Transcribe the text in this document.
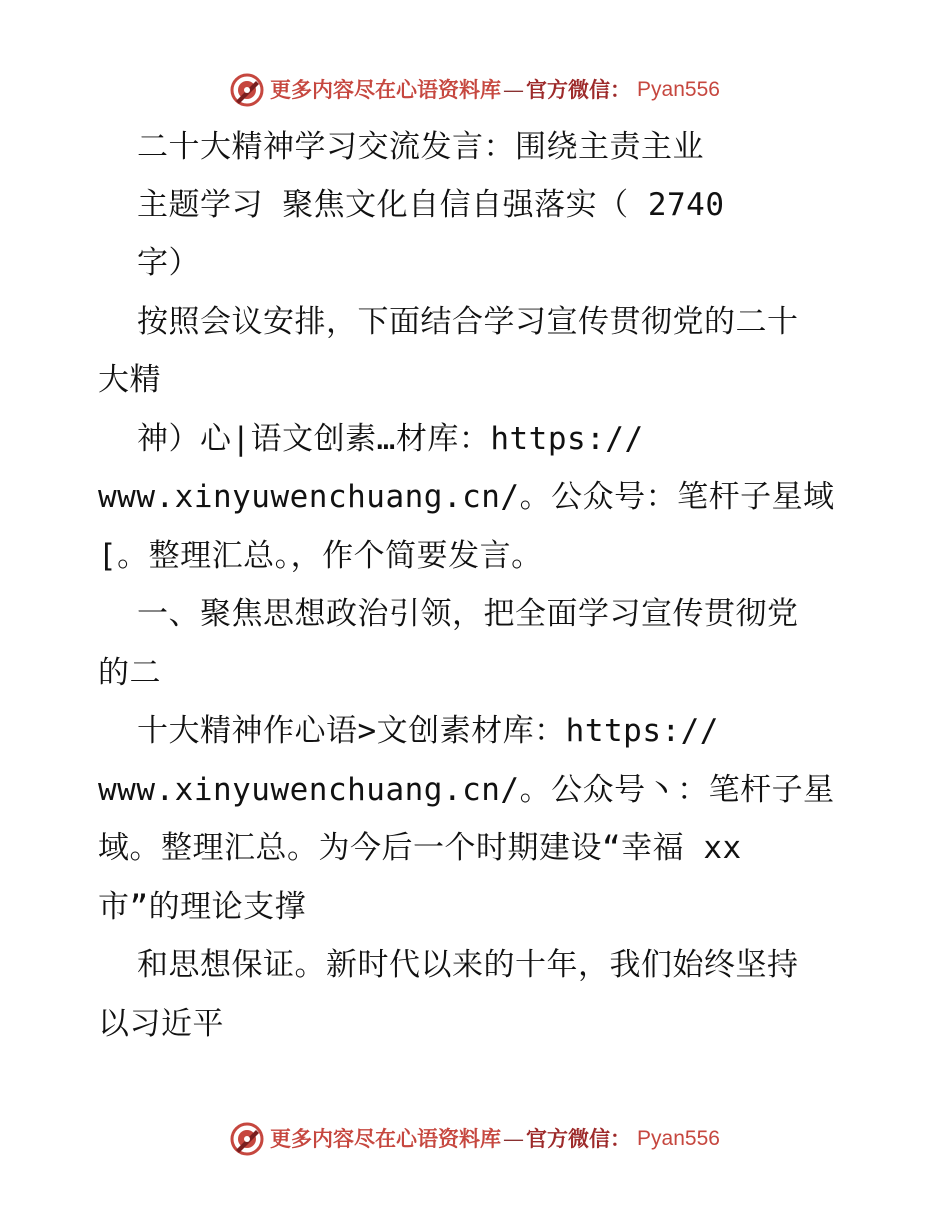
更多内容尽在心语资料库 — 官方微信： Pyan556
二十大精神学习交流发言：围绕主责主业
主题学习 聚焦文化自信自强落实（ 2740
字）
按照会议安排，下面结合学习宣传贯彻党的二十
大精
神）心|语文创素…材库：https://
www.xinyuwenchuang.cn/。公众号：笔杆子星域
[。整理汇总。，作个简要发言。
一、聚焦思想政治引领，把全面学习宣传贯彻党
的二
十大精神作心语>文创素材库：https://
www.xinyuwenchuang.cn/。公众号丶：笔杆子星
域。整理汇总。为今后一个时期建设“幸福 xx
市”的理论支撑
和思想保证。新时代以来的十年，我们始终坚持
以习近平
更多内容尽在心语资料库 — 官方微信： Pyan556
